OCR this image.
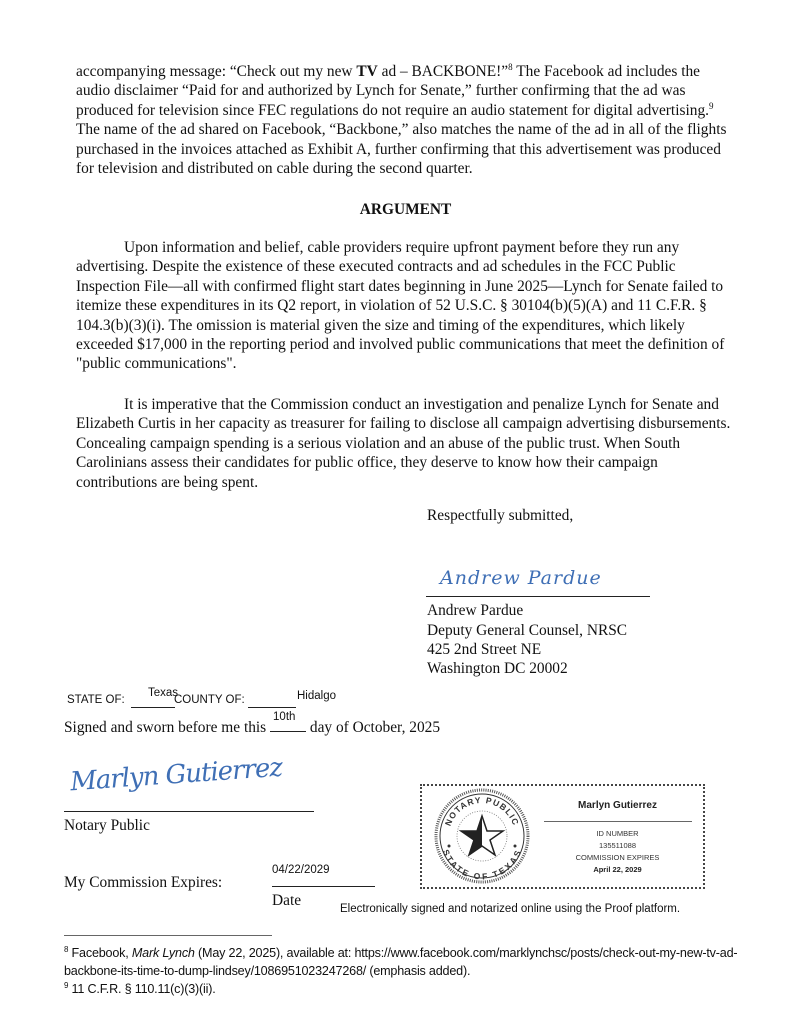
accompanying message: “Check out my new TV ad – BACKBONE!”$^8$ The Facebook ad includes the audio disclaimer “Paid for and authorized by Lynch for Senate,” further confirming that the ad was produced for television since FEC regulations do not require an audio statement for digital advertising.$^9$ The name of the ad shared on Facebook, “Backbone,” also matches the name of the ad in all of the flights purchased in the invoices attached as Exhibit A, further confirming that this advertisement was produced for television and distributed on cable during the second quarter.

ARGUMENT

Upon information and belief, cable providers require upfront payment before they run any advertising. Despite the existence of these executed contracts and ad schedules in the FCC Public Inspection File—all with confirmed flight start dates beginning in June 2025—Lynch for Senate failed to itemize these expenditures in its Q2 report, in violation of 52 U.S.C. § 30104(b)(5)(A) and 11 C.F.R. § 104.3(b)(3)(i). The omission is material given the size and timing of the expenditures, which likely exceeded $17,000 in the reporting period and involved public communications that meet the definition of "public communications".

It is imperative that the Commission conduct an investigation and penalize Lynch for Senate and Elizabeth Curtis in her capacity as treasurer for failing to disclose all campaign advertising disbursements. Concealing campaign spending is a serious violation and an abuse of the public trust. When South Carolinians assess their candidates for public office, they deserve to know how their campaign contributions are being spent.

Respectfully submitted,
Andrew Pardue
Andrew Pardue
Deputy General Counsel, NRSC
425 2nd Street NE
Washington DC 20002
STATE OF:
Texas
COUNTY OF:	Hidalgo
Signed and sworn before me this
10th
day of October, 2025
Marlyn Gutierrez
Notary Public
My Commission Expires:
04/22/2029
Date	Electronically signed and notarized online using the Proof platform.
NOTARY PUBLIC
STATE OF TEXAS
Marlyn Gutierrez
ID NUMBER
135511088
COMMISSION EXPIRES
April 22, 2029

$^8$ Facebook, Mark Lynch (May 22, 2025), available at: https://www.facebook.com/marklynchsc/posts/check-out-my-new-tv-ad-backbone-its-time-to-dump-lindsey/1086951023247268/ (emphasis added).

$^9$ 11 C.F.R. § 110.11(c)(3)(ii).
